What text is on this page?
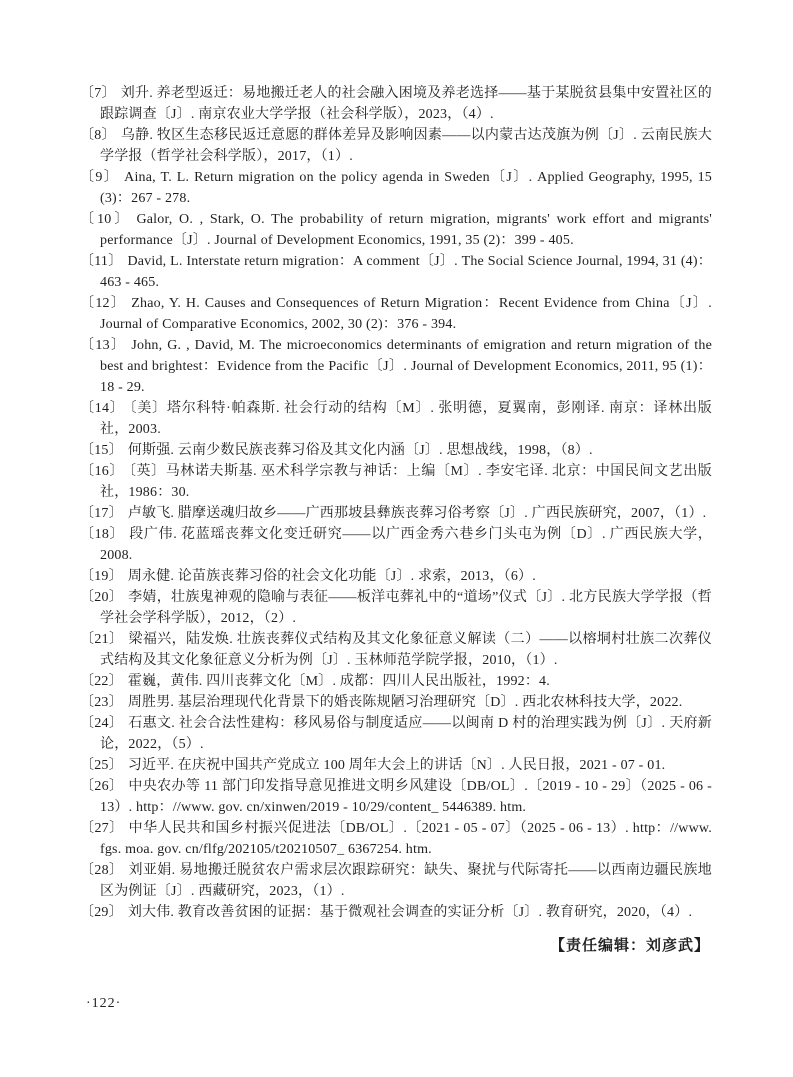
〔7〕 刘升. 养老型返迁：易地搬迁老人的社会融入困境及养老选择——基于某脱贫县集中安置社区的跟踪调查〔J〕. 南京农业大学学报（社会科学版），2023，（4）.

〔8〕 乌静. 牧区生态移民返迁意愿的群体差异及影响因素——以内蒙古达茂旗为例〔J〕. 云南民族大学学报（哲学社会科学版），2017，（1）.

〔9〕 Aina, T. L. Return migration on the policy agenda in Sweden〔J〕. Applied Geography, 1995, 15 (3)：267 - 278.

〔10〕 Galor, O. , Stark, O. The probability of return migration, migrants' work effort and migrants' performance〔J〕. Journal of Development Economics, 1991, 35 (2)：399 - 405.

〔11〕 David, L. Interstate return migration：A comment〔J〕. The Social Science Journal, 1994, 31 (4)：463 - 465.

〔12〕 Zhao, Y. H. Causes and Consequences of Return Migration：Recent Evidence from China〔J〕. Journal of Comparative Economics, 2002, 30 (2)：376 - 394.

〔13〕 John, G. , David, M. The microeconomics determinants of emigration and return migration of the best and brightest：Evidence from the Pacific〔J〕. Journal of Development Economics, 2011, 95 (1)：18 - 29.

〔14〕 〔美〕塔尔科特·帕森斯. 社会行动的结构〔M〕. 张明德，夏翼南，彭刚译. 南京：译林出版社，2003.

〔15〕 何斯强. 云南少数民族丧葬习俗及其文化内涵〔J〕. 思想战线，1998，（8）.

〔16〕 〔英〕马林诺夫斯基. 巫术科学宗教与神话：上编〔M〕. 李安宅译. 北京：中国民间文艺出版社，1986：30.

〔17〕 卢敏飞. 腊摩送魂归故乡——广西那坡县彝族丧葬习俗考察〔J〕. 广西民族研究，2007，（1）.

〔18〕 段广伟. 花蓝瑶丧葬文化变迁研究——以广西金秀六巷乡门头屯为例〔D〕. 广西民族大学，2008.

〔19〕 周永健. 论苗族丧葬习俗的社会文化功能〔J〕. 求索，2013，（6）.

〔20〕 李婧，壮族鬼神观的隐喻与表征——板洋屯葬礼中的“道场”仪式〔J〕. 北方民族大学学报（哲学社会学科学版），2012，（2）.

〔21〕 梁福兴，陆发焕. 壮族丧葬仪式结构及其文化象征意义解读（二）——以榕垌村壮族二次葬仪式结构及其文化象征意义分析为例〔J〕. 玉林师范学院学报，2010，（1）.

〔22〕 霍巍，黄伟. 四川丧葬文化〔M〕. 成都：四川人民出版社，1992：4.

〔23〕 周胜男. 基层治理现代化背景下的婚丧陈规陋习治理研究〔D〕. 西北农林科技大学，2022.

〔24〕 石惠文. 社会合法性建构：移风易俗与制度适应——以闽南 D 村的治理实践为例〔J〕. 天府新论，2022，（5）.

〔25〕 习近平. 在庆祝中国共产党成立 100 周年大会上的讲话〔N〕. 人民日报，2021 - 07 - 01.

〔26〕 中央农办等 11 部门印发指导意见推进文明乡风建设〔DB/OL〕.〔2019 - 10 - 29〕（2025 - 06 - 13）. http：//www. gov. cn/xinwen/2019 - 10/29/content_ 5446389. htm.

〔27〕 中华人民共和国乡村振兴促进法〔DB/OL〕.〔2021 - 05 - 07〕（2025 - 06 - 13）. http：//www. fgs. moa. gov. cn/flfg/202105/t20210507_ 6367254. htm.

〔28〕 刘亚娟. 易地搬迁脱贫农户需求层次跟踪研究：缺失、聚扰与代际寄托——以西南边疆民族地区为例证〔J〕. 西藏研究，2023，（1）.

〔29〕 刘大伟. 教育改善贫困的证据：基于微观社会调查的实证分析〔J〕. 教育研究，2020，（4）.

【责任编辑：刘彦武】
·122·
